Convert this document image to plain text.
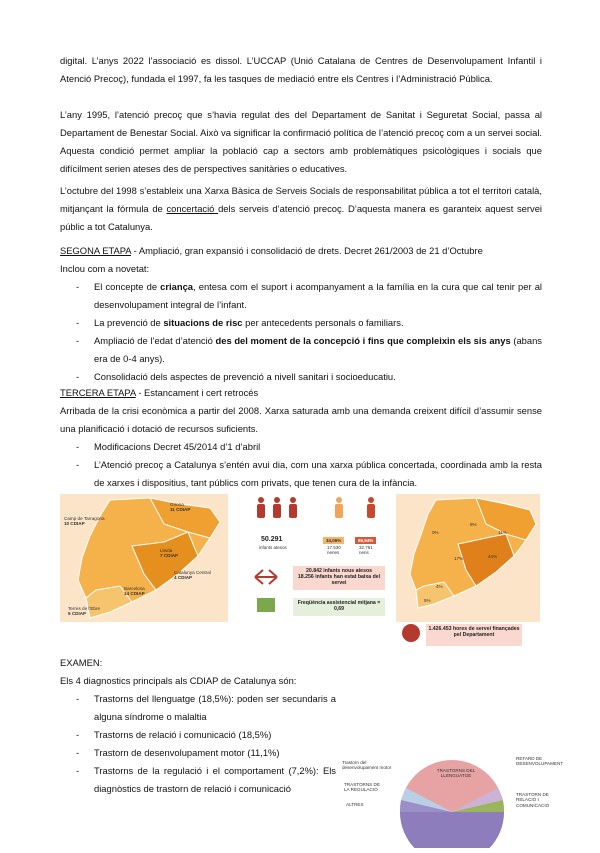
digital. L’anys 2022 l’associació es dissol. L’UCCAP (Unió Catalana de Centres de Desenvolupament Infantil i Atenció Precoç), fundada el 1997, fa les tasques de mediació entre els Centres i l’Administració Pública.

L’any 1995, l’atenció precoç que s’havia regulat des del Departament de Sanitat i Seguretat Social, passa al Departament de Benestar Social. Això va significar la confirmació política de l’atenció precoç com a un servei social. Aquesta condició permet ampliar la població cap a sectors amb problemàtiques psicològiques i socials que difícilment serien ateses des de perspectives sanitàries o educatives.

L’octubre del 1998 s’estableix una Xarxa Bàsica de Serveis Socials de responsabilitat pública a tot el territori català, mitjançant la fórmula de concertació dels serveis d’atenció precoç. D’aquesta manera es garanteix aquest servei públic a tot Catalunya.

SEGONA ETAPA - Ampliació, gran expansió i consolidació de drets. Decret 261/2003 de 21 d’Octubre

Inclou com a novetat:

- El concepte de criança, entesa com el suport i acompanyament a la família en la cura que cal tenir per al desenvolupament integral de l’infant.
- La prevenció de situacions de risc per antecedents personals o familiars.
- Ampliació de l’edat d’atenció des del moment de la concepció i fins que compleixin els sis anys (abans era de 0-4 anys).
- Consolidació dels aspectes de prevenció a nivell sanitari i socioeducatiu.

TERCERA ETAPA - Estancament i cert retrocés

Arribada de la crisi econòmica a partir del 2008. Xarxa saturada amb una demanda creixent difícil d’assumir sense una planificació i dotació de recursos suficients.

- Modificacions Decret 45/2014 d’1 d’abril
- L’Atenció precoç a Catalunya s’entén avui dia, com una xarxa pública concertada, coordinada amb la resta de xarxes i dispositius, tant públics com privats, que tenen cura de la infància.
Camp de Tarragona
10 CDIAP
Girona
11 CDIAP
Terres de l'Ebre
5 CDIAP
Catalunya Central
4 CDIAP
Barcelona
14 CDIAP
Lleida
7 CDIAP
50.291
infants atesos
34,06%	65,94%
17.530
nenes
32.761
nens
20.842 infants nous atesos
18.256 infants han estat baixa del servei
Freqüència assistencial mitjana = 0,69
0%
8%
11%
44%
17%
4%
5%
1.426.453 hores de servei finançades pel Departament

EXAMEN:

Els 4 diagnostics principals als CDIAP de Catalunya són:

- Trastorns del llenguatge (18,5%): poden ser secundaris a alguna síndrome o malaltia
- Trastorns de relació i comunicació (18,5%)
- Trastorn de desenvolupament motor (11,1%)
- Trastorns de la regulació i el comportament (7,2%): Els diagnòstics de trastorn de relació i comunicació
TRASTORNS DEL LLENGUATGE
Trastorn del desenvolupament motor
TRASTORNS DE LA REGULACIÓ
ALTRES
RETARD DE DESENVOLUPAMENT
TRASTORN DE RELACIÓ I COMUNICACIÓ
